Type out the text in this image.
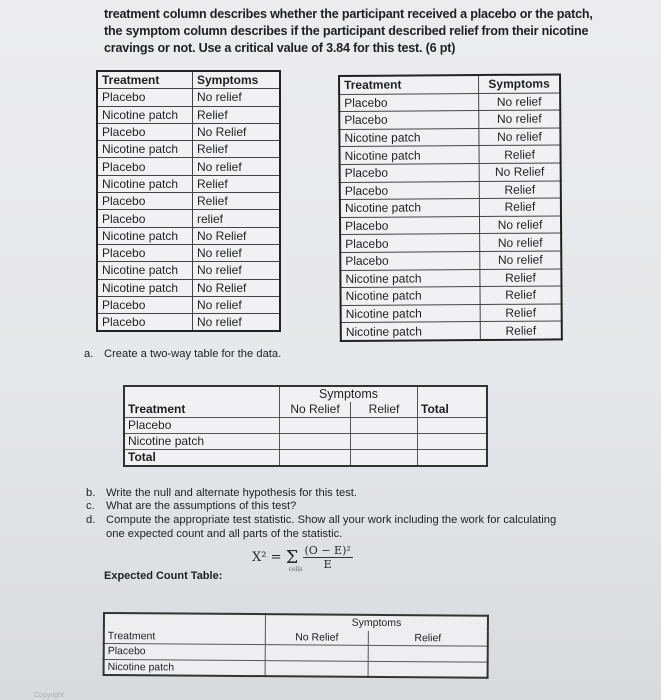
treatment column describes whether the participant received a placebo or the patch, the symptom column describes if the participant described relief from their nicotine cravings or not. Use a critical value of 3.84 for this test. (6 pt)
Treatment	Symptoms
Placebo	No relief
Nicotine patch	Relief
Placebo	No Relief
Nicotine patch	Relief
Placebo	No relief
Nicotine patch	Relief
Placebo	Relief
Placebo	relief
Nicotine patch	No Relief
Placebo	No relief
Nicotine patch	No relief
Nicotine patch	No Relief
Placebo	No relief
Placebo	No relief
Treatment	Symptoms
Placebo	No relief
Placebo	No relief
Nicotine patch	No relief
Nicotine patch	Relief
Placebo	No Relief
Placebo	Relief
Nicotine patch	Relief
Placebo	No relief
Placebo	No relief
Placebo	No relief
Nicotine patch	Relief
Nicotine patch	Relief
Nicotine patch	Relief
Nicotine patch	Relief
a. Create a two-way table for the data.
	Symptoms		
Treatment	No Relief	Relief	Total
Placebo			
Nicotine patch			
Total			
b. Write the null and alternate hypothesis for this test.
c. What are the assumptions of this test?
d. Compute the appropriate test statistic. Show all your work including the work for calculating one expected count and all parts of the statistic.
X² = Σ
cells
$\frac{\text{(O − E)²}}{E}$
Expected Count Table:
	Symptoms	
Treatment	No Relief	Relief
Placebo		
Nicotine patch		
Copyright
